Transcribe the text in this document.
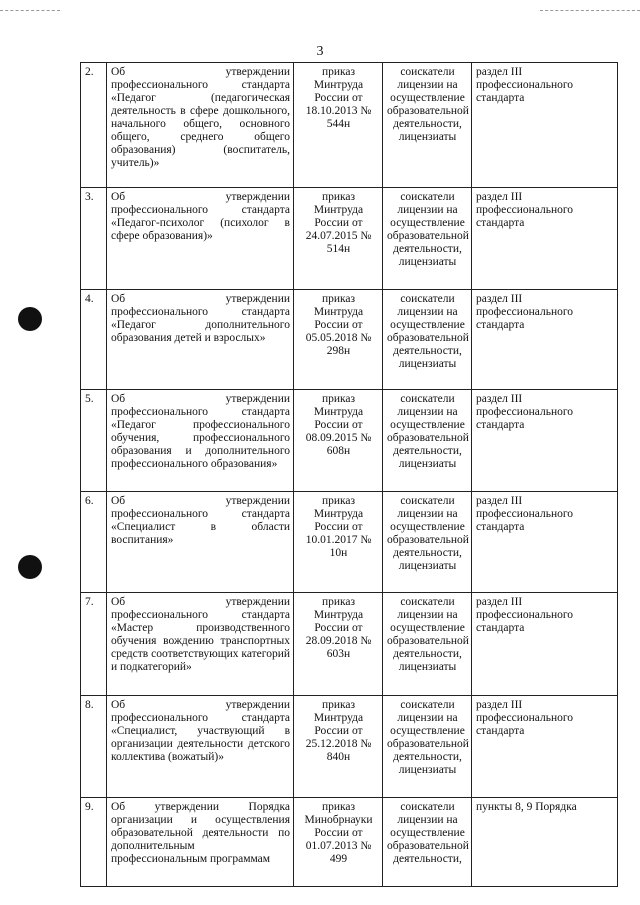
3
2.	Об утверждении профессионального стандарта «Педагог (педагогическая деятельность в сфере дошкольного, начального общего, основного общего, среднего общего образования) (воспитатель, учитель)»	приказ Минтруда России от 18.10.2013 № 544н	соискатели лицензии на осуществление образовательной деятельности, лицензиаты	раздел III профессионального стандарта
3.	Об утверждении профессионального стандарта «Педагог-психолог (психолог в сфере образования)»	приказ Минтруда России от 24.07.2015 № 514н	соискатели лицензии на осуществление образовательной деятельности, лицензиаты	раздел III профессионального стандарта
4.	Об утверждении профессионального стандарта «Педагог дополнительного образования детей и взрослых»	приказ Минтруда России от 05.05.2018 № 298н	соискатели лицензии на осуществление образовательной деятельности, лицензиаты	раздел III профессионального стандарта
5.	Об утверждении профессионального стандарта «Педагог профессионального обучения, профессионального образования и дополнительного профессионального образования»	приказ Минтруда России от 08.09.2015 № 608н	соискатели лицензии на осуществление образовательной деятельности, лицензиаты	раздел III профессионального стандарта
6.	Об утверждении профессионального стандарта «Специалист в области воспитания»	приказ Минтруда России от 10.01.2017 № 10н	соискатели лицензии на осуществление образовательной деятельности, лицензиаты	раздел III профессионального стандарта
7.	Об утверждении профессионального стандарта «Мастер производственного обучения вождению транспортных средств соответствующих категорий и подкатегорий»	приказ Минтруда России от 28.09.2018 № 603н	соискатели лицензии на осуществление образовательной деятельности, лицензиаты	раздел III профессионального стандарта
8.	Об утверждении профессионального стандарта «Специалист, участвующий в организации деятельности детского коллектива (вожатый)»	приказ Минтруда России от 25.12.2018 № 840н	соискатели лицензии на осуществление образовательной деятельности, лицензиаты	раздел III профессионального стандарта
9.	Об утверждении Порядка организации и осуществления образовательной деятельности по дополнительным профессиональным программам	приказ Минобрнауки России от 01.07.2013 № 499	соискатели лицензии на осуществление образовательной деятельности,	пункты 8, 9 Порядка
